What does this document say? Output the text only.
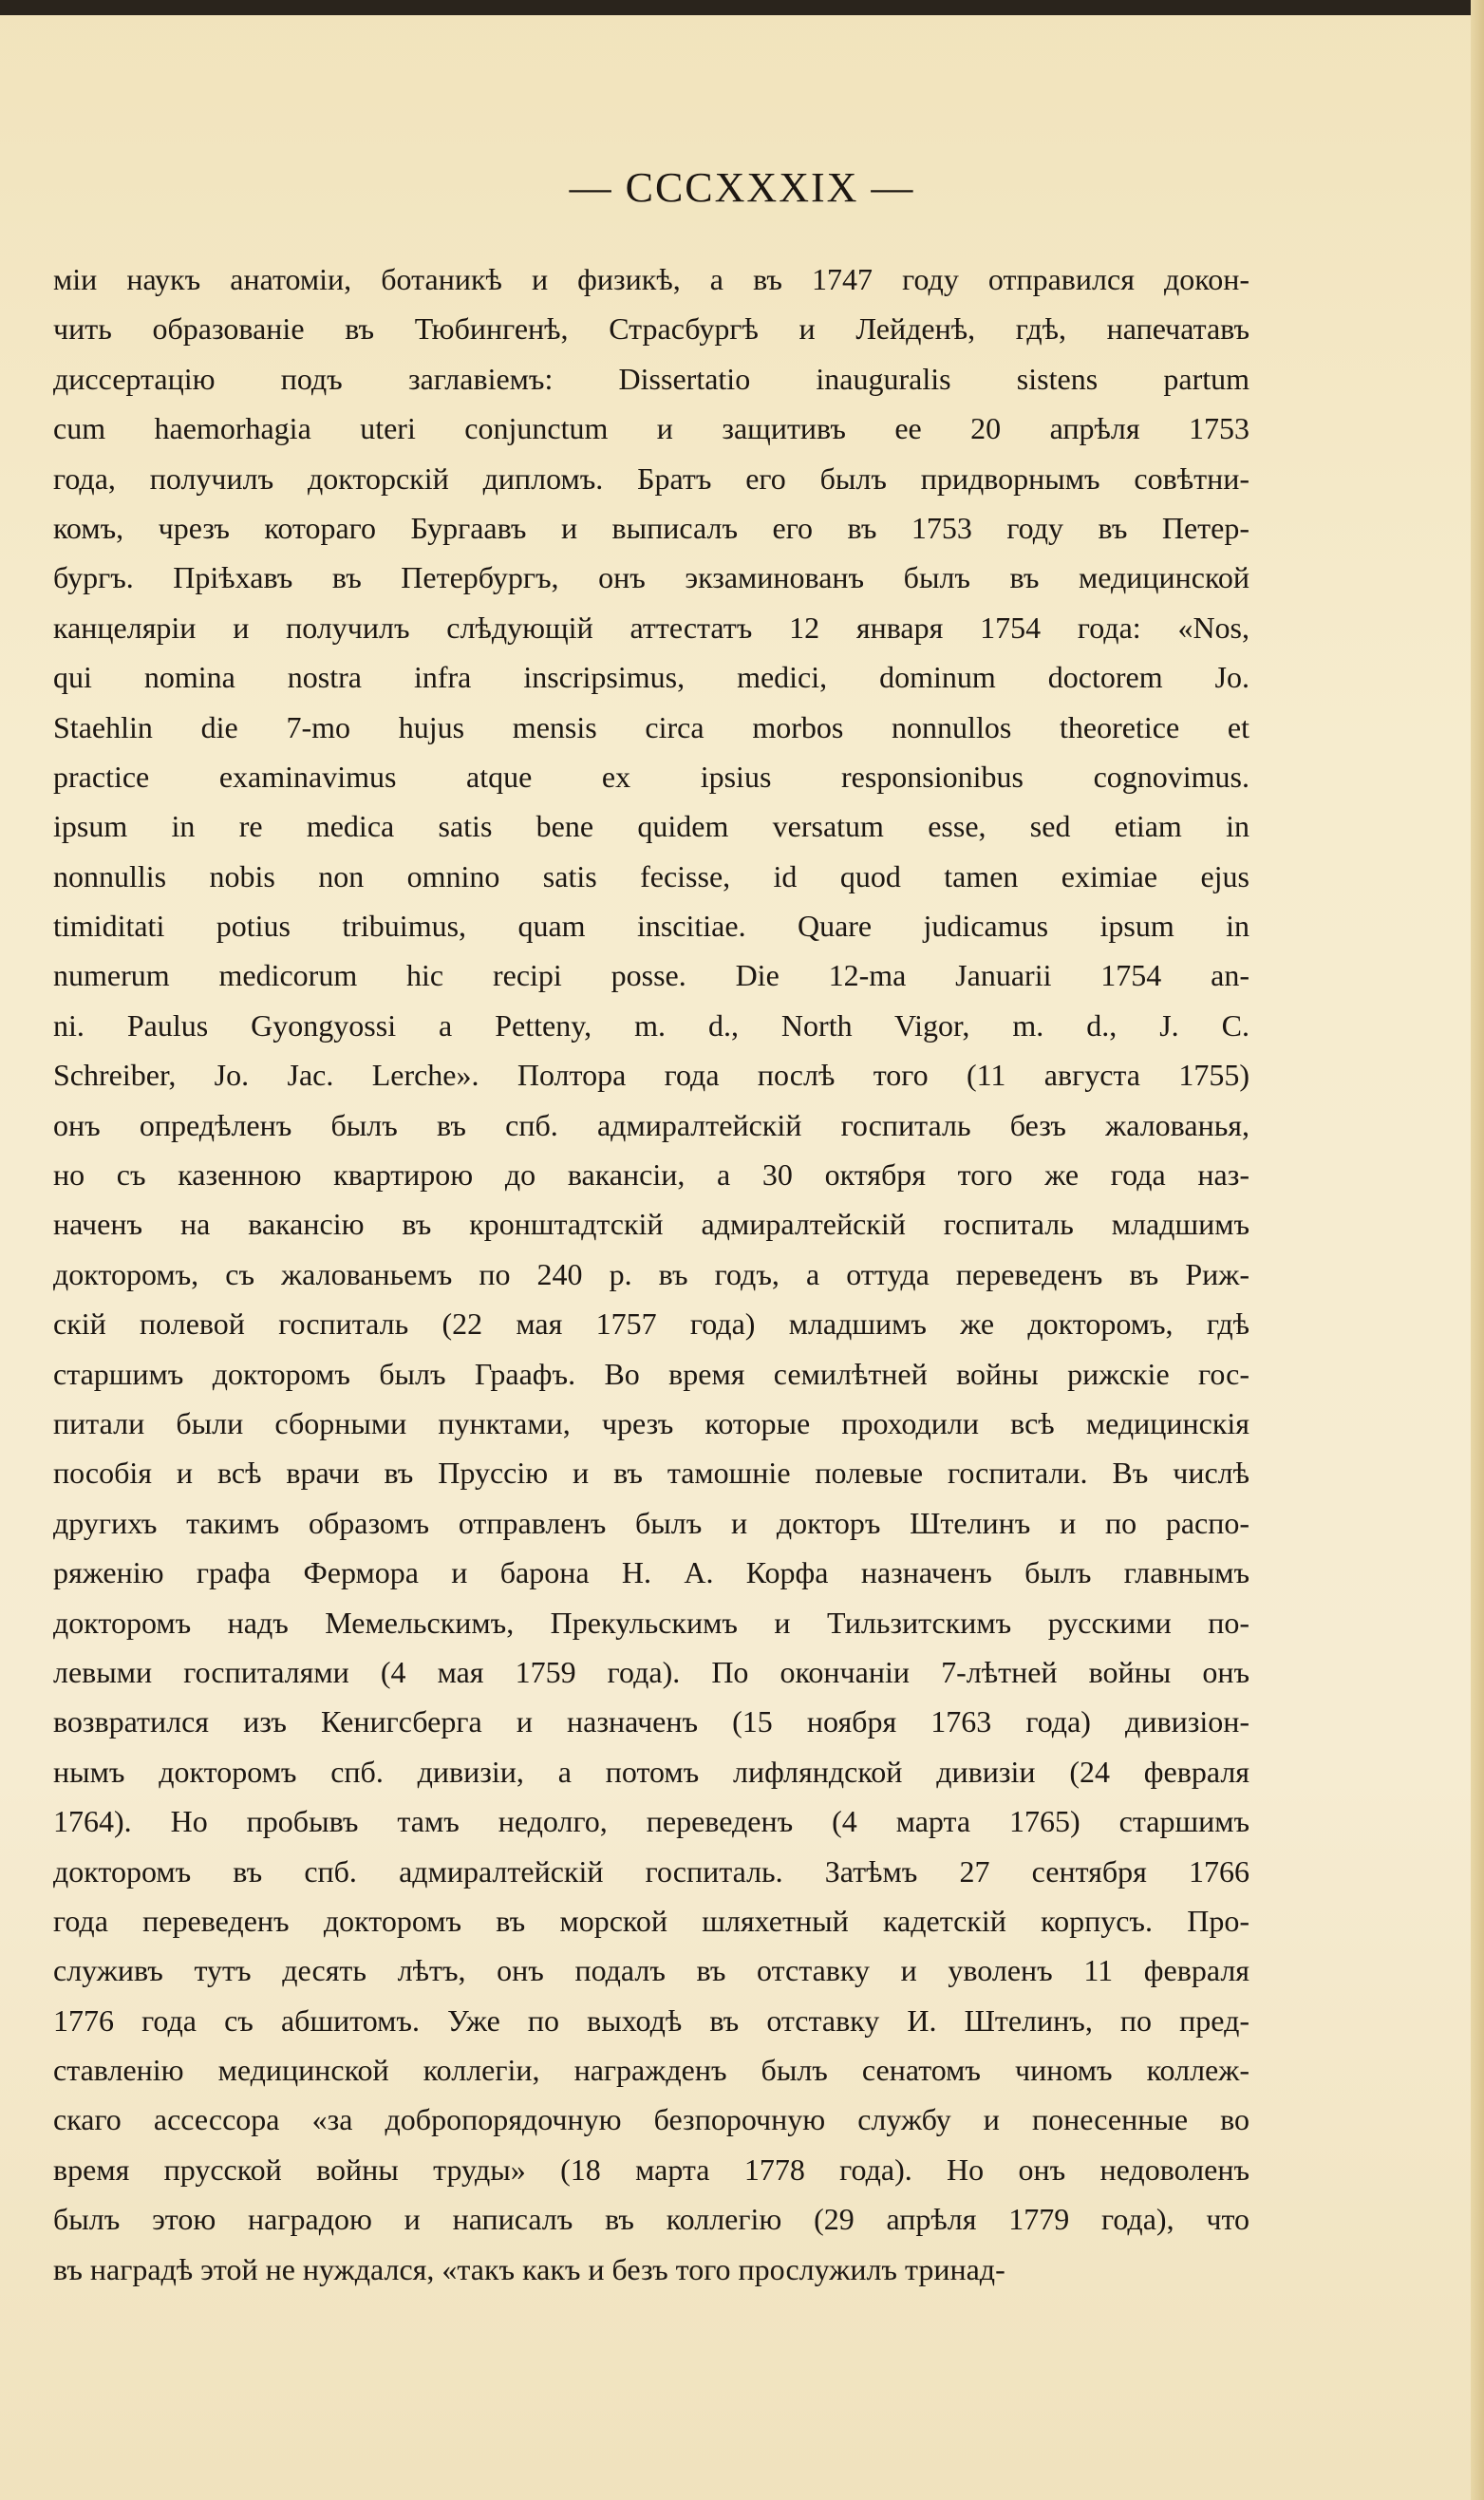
— CCCXXXIX —
міи наукъ анатоміи, ботаникѣ и физикѣ, а въ 1747 году отправился докон-
чить образованіе въ Тюбингенѣ, Страсбургѣ и Лейденѣ, гдѣ, напечатавъ
диссертацію подъ заглавіемъ: Dissertatio inauguralis sistens partum
cum haemorhagia uteri conjunctum и защитивъ ее 20 апрѣля 1753
года, получилъ докторскій дипломъ. Братъ его былъ придворнымъ совѣтни-
комъ, чрезъ котораго Бургаавъ и выписалъ его въ 1753 году въ Петер-
бургъ. Пріѣхавъ въ Петербургъ, онъ экзаминованъ былъ въ медицинской
канцеляріи и получилъ слѣдующій аттестатъ 12 января 1754 года: «Nos,
qui nomina nostra infra inscripsimus, medici, dominum doctorem Jo.
Staehlin die 7-mo hujus mensis circa morbos nonnullos theoretice et
practice examinavimus atque ex ipsius responsionibus cognovimus.
ipsum in re medica satis bene quidem versatum esse, sed etiam in
nonnullis nobis non omnino satis fecisse, id quod tamen eximiae ejus
timiditati potius tribuimus, quam inscitiae. Quare judicamus ipsum in
numerum medicorum hic recipi posse. Die 12-ma Januarii 1754 an-
ni. Paulus Gyongyossi a Petteny, m. d., North Vigor, m. d., J. C.
Schreiber, Jo. Jac. Lerche». Полтора года послѣ того (11 августа 1755)
онъ опредѣленъ былъ въ спб. адмиралтейскій госпиталь безъ жалованья,
но съ казенною квартирою до вакансіи, а 30 октября того же года наз-
наченъ на вакансію въ кронштадтскій адмиралтейскій госпиталь младшимъ
докторомъ, съ жалованьемъ по 240 р. въ годъ, а оттуда переведенъ въ Риж-
скій полевой госпиталь (22 мая 1757 года) младшимъ же докторомъ, гдѣ
старшимъ докторомъ былъ Граафъ. Во время семилѣтней войны рижскіе гос-
питали были сборными пунктами, чрезъ которые проходили всѣ медицинскія
пособія и всѣ врачи въ Пруссію и въ тамошніе полевые госпитали. Въ числѣ
другихъ такимъ образомъ отправленъ былъ и докторъ Штелинъ и по распо-
ряженію графа Фермора и барона Н. А. Корфа назначенъ былъ главнымъ
докторомъ надъ Мемельскимъ, Прекульскимъ и Тильзитскимъ русскими по-
левыми госпиталями (4 мая 1759 года). По окончаніи 7-лѣтней войны онъ
возвратился изъ Кенигсберга и назначенъ (15 ноября 1763 года) дивизіон-
нымъ докторомъ спб. дивизіи, а потомъ лифляндской дивизіи (24 февраля
1764). Но пробывъ тамъ недолго, переведенъ (4 марта 1765) старшимъ
докторомъ въ спб. адмиралтейскій госпиталь. Затѣмъ 27 сентября 1766
года переведенъ докторомъ въ морской шляхетный кадетскій корпусъ. Про-
служивъ тутъ десять лѣтъ, онъ подалъ въ отставку и уволенъ 11 февраля
1776 года съ абшитомъ. Уже по выходѣ въ отставку И. Штелинъ, по пред-
ставленію медицинской коллегіи, награжденъ былъ сенатомъ чиномъ коллеж-
скаго ассессора «за добропорядочную безпорочную службу и понесенные во
время прусской войны труды» (18 марта 1778 года). Но онъ недоволенъ
былъ этою наградою и написалъ въ коллегію (29 апрѣля 1779 года), что
въ наградѣ этой не нуждался, «такъ какъ и безъ того прослужилъ тринад-
